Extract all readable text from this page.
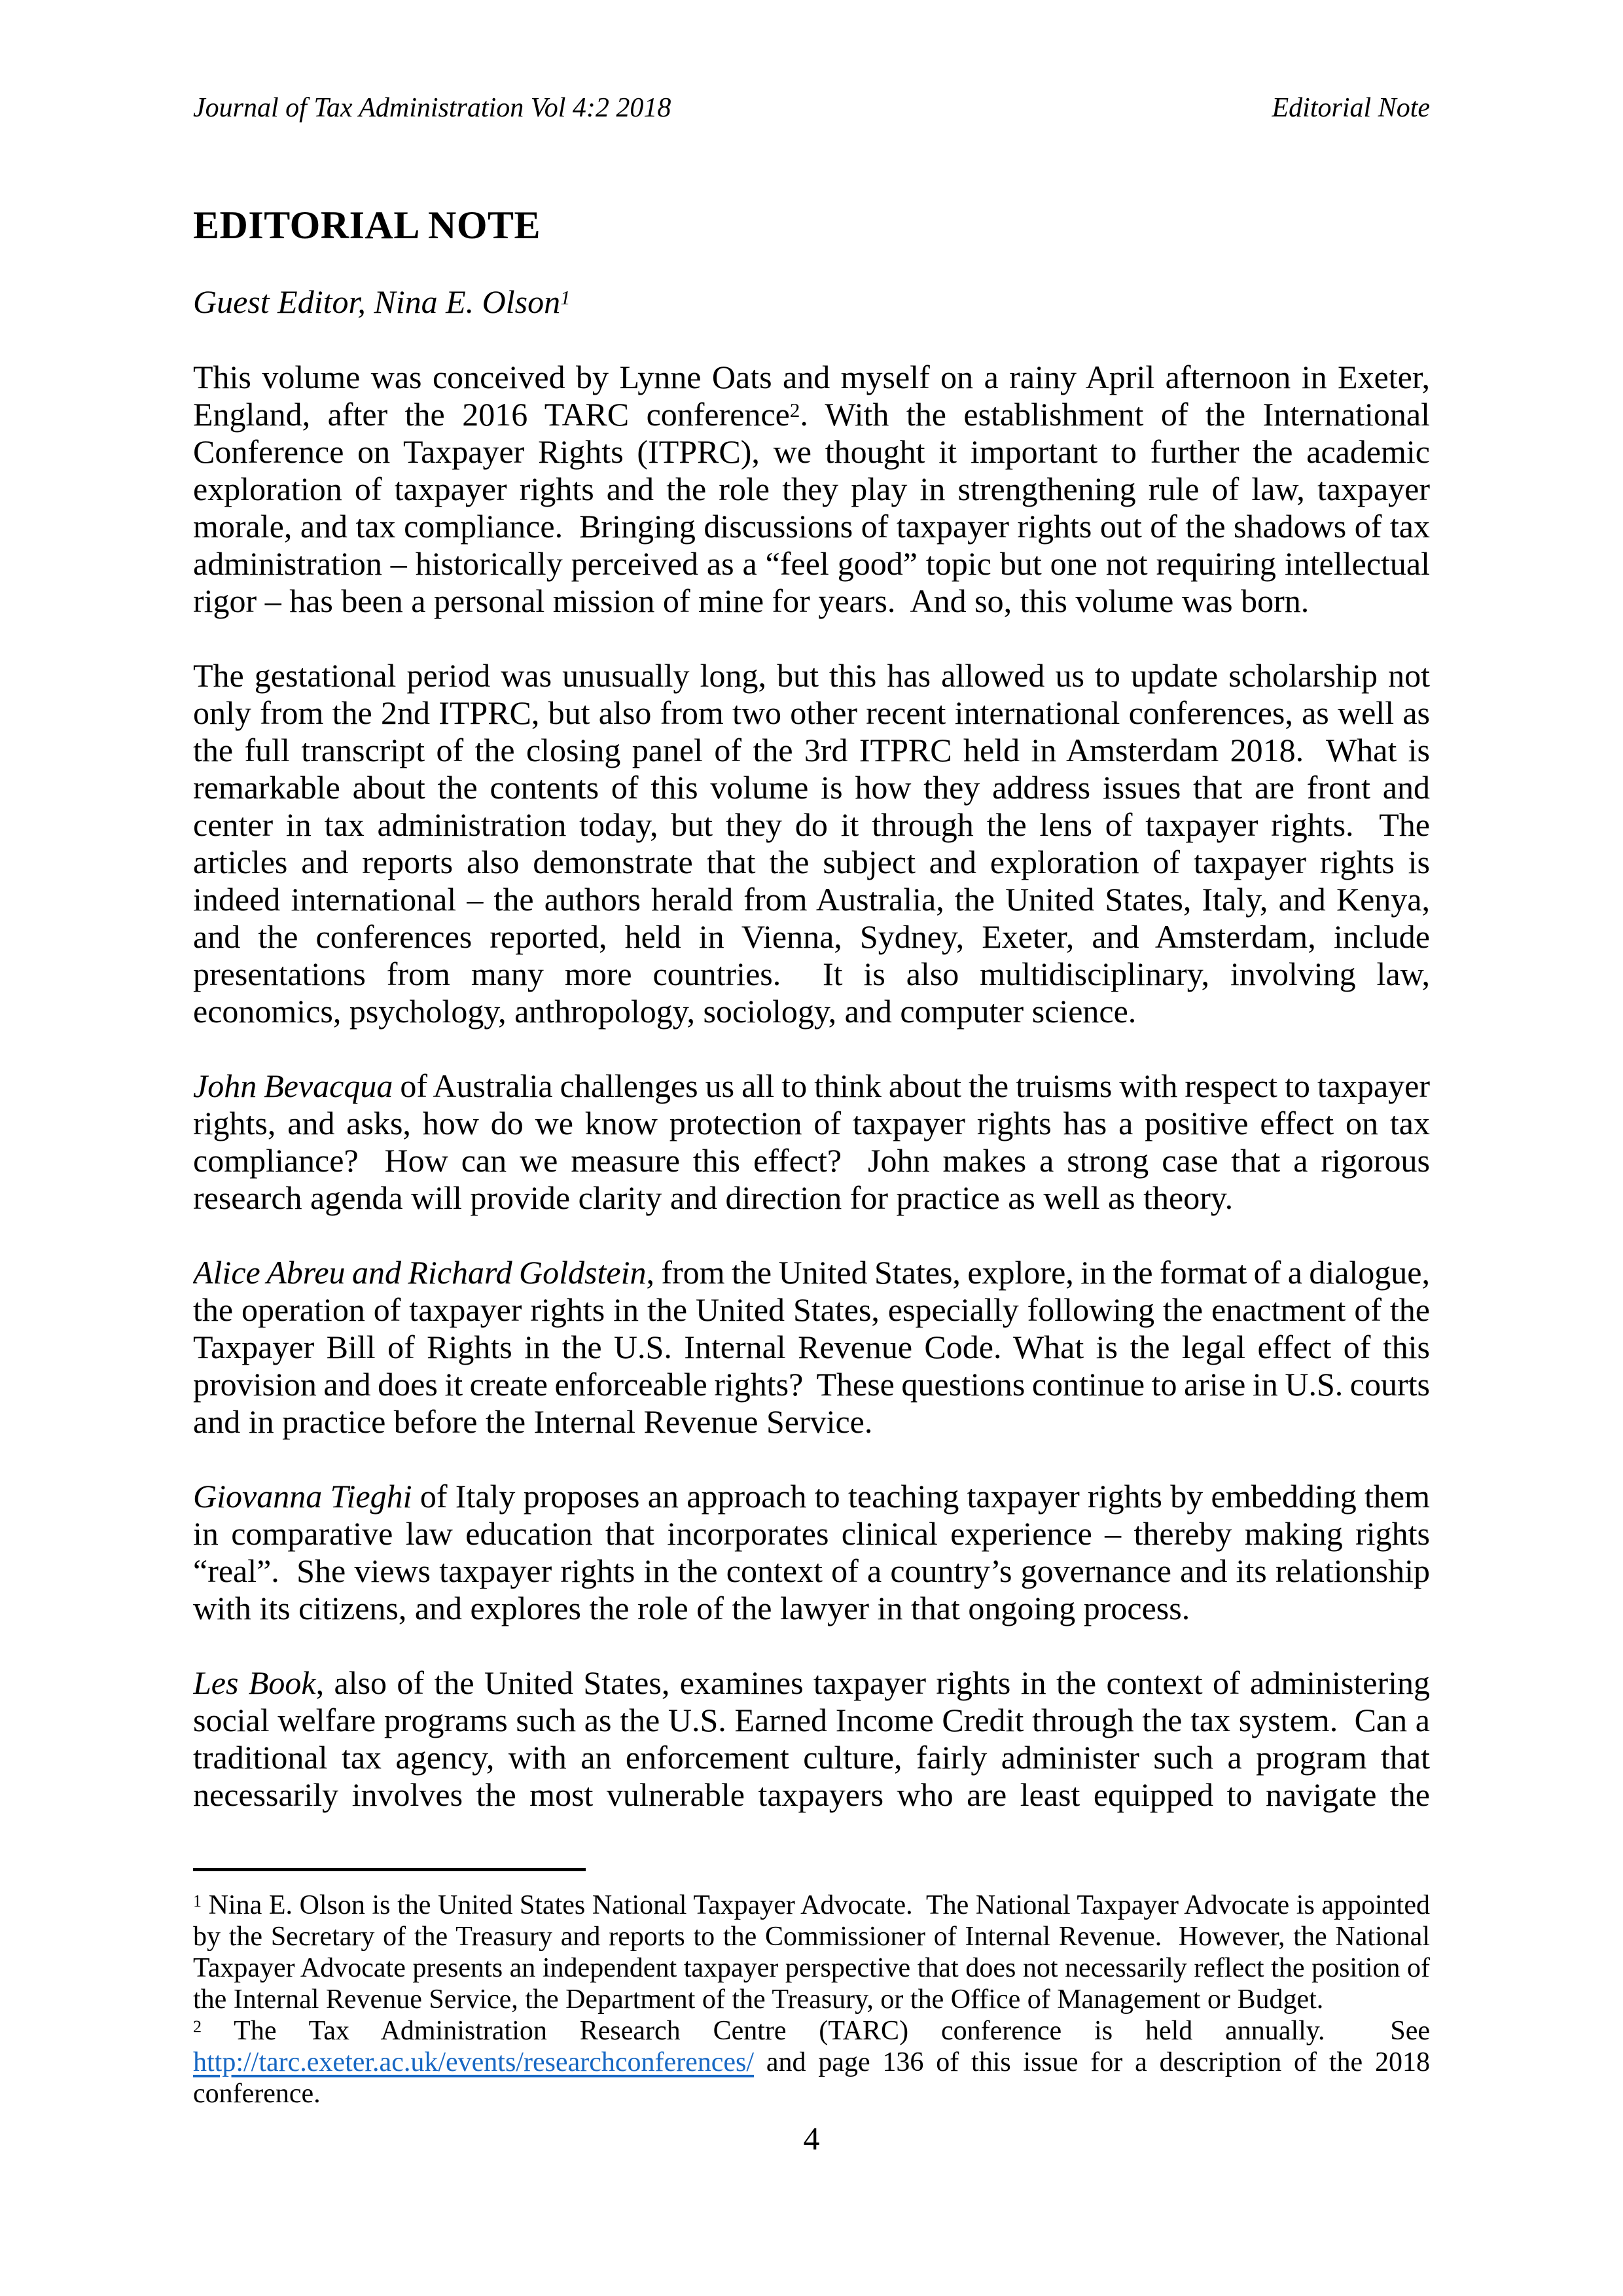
Journal of Tax Administration Vol 4:2 2018	Editorial Note
EDITORIAL NOTE
Guest Editor, Nina E. Olson$^1$
This volume was conceived by Lynne Oats and myself on a rainy April afternoon in Exeter,
England, after the 2016 TARC conference$^2$. With the establishment of the International
Conference on Taxpayer Rights (ITPRC), we thought it important to further the academic
exploration of taxpayer rights and the role they play in strengthening rule of law, taxpayer
morale, and tax compliance.  Bringing discussions of taxpayer rights out of the shadows of tax
administration – historically perceived as a “feel good” topic but one not requiring intellectual
rigor – has been a personal mission of mine for years.  And so, this volume was born.
The gestational period was unusually long, but this has allowed us to update scholarship not
only from the 2nd ITPRC, but also from two other recent international conferences, as well as
the full transcript of the closing panel of the 3rd ITPRC held in Amsterdam 2018.  What is
remarkable about the contents of this volume is how they address issues that are front and
center in tax administration today, but they do it through the lens of taxpayer rights.  The
articles and reports also demonstrate that the subject and exploration of taxpayer rights is
indeed international – the authors herald from Australia, the United States, Italy, and Kenya,
and the conferences reported, held in Vienna, Sydney, Exeter, and Amsterdam, include
presentations from many more countries.  It is also multidisciplinary, involving law,
economics, psychology, anthropology, sociology, and computer science.
John Bevacqua of Australia challenges us all to think about the truisms with respect to taxpayer
rights, and asks, how do we know protection of taxpayer rights has a positive effect on tax
compliance?  How can we measure this effect?  John makes a strong case that a rigorous
research agenda will provide clarity and direction for practice as well as theory.
Alice Abreu and Richard Goldstein, from the United States, explore, in the format of a dialogue,
the operation of taxpayer rights in the United States, especially following the enactment of the
Taxpayer Bill of Rights in the U.S. Internal Revenue Code. What is the legal effect of this
provision and does it create enforceable rights?  These questions continue to arise in U.S. courts
and in practice before the Internal Revenue Service.
Giovanna Tieghi of Italy proposes an approach to teaching taxpayer rights by embedding them
in comparative law education that incorporates clinical experience – thereby making rights
“real”.  She views taxpayer rights in the context of a country’s governance and its relationship
with its citizens, and explores the role of the lawyer in that ongoing process.
Les Book, also of the United States, examines taxpayer rights in the context of administering
social welfare programs such as the U.S. Earned Income Credit through the tax system.  Can a
traditional tax agency, with an enforcement culture, fairly administer such a program that
necessarily involves the most vulnerable taxpayers who are least equipped to navigate the
$^1$ Nina E. Olson is the United States National Taxpayer Advocate.  The National Taxpayer Advocate is appointed
by the Secretary of the Treasury and reports to the Commissioner of Internal Revenue.  However, the National
Taxpayer Advocate presents an independent taxpayer perspective that does not necessarily reflect the position of
the Internal Revenue Service, the Department of the Treasury, or the Office of Management or Budget.
$^2$ The Tax Administration Research Centre (TARC) conference is held annually.  See
http://tarc.exeter.ac.uk/events/researchconferences/ and page 136 of this issue for a description of the 2018
conference.
4
